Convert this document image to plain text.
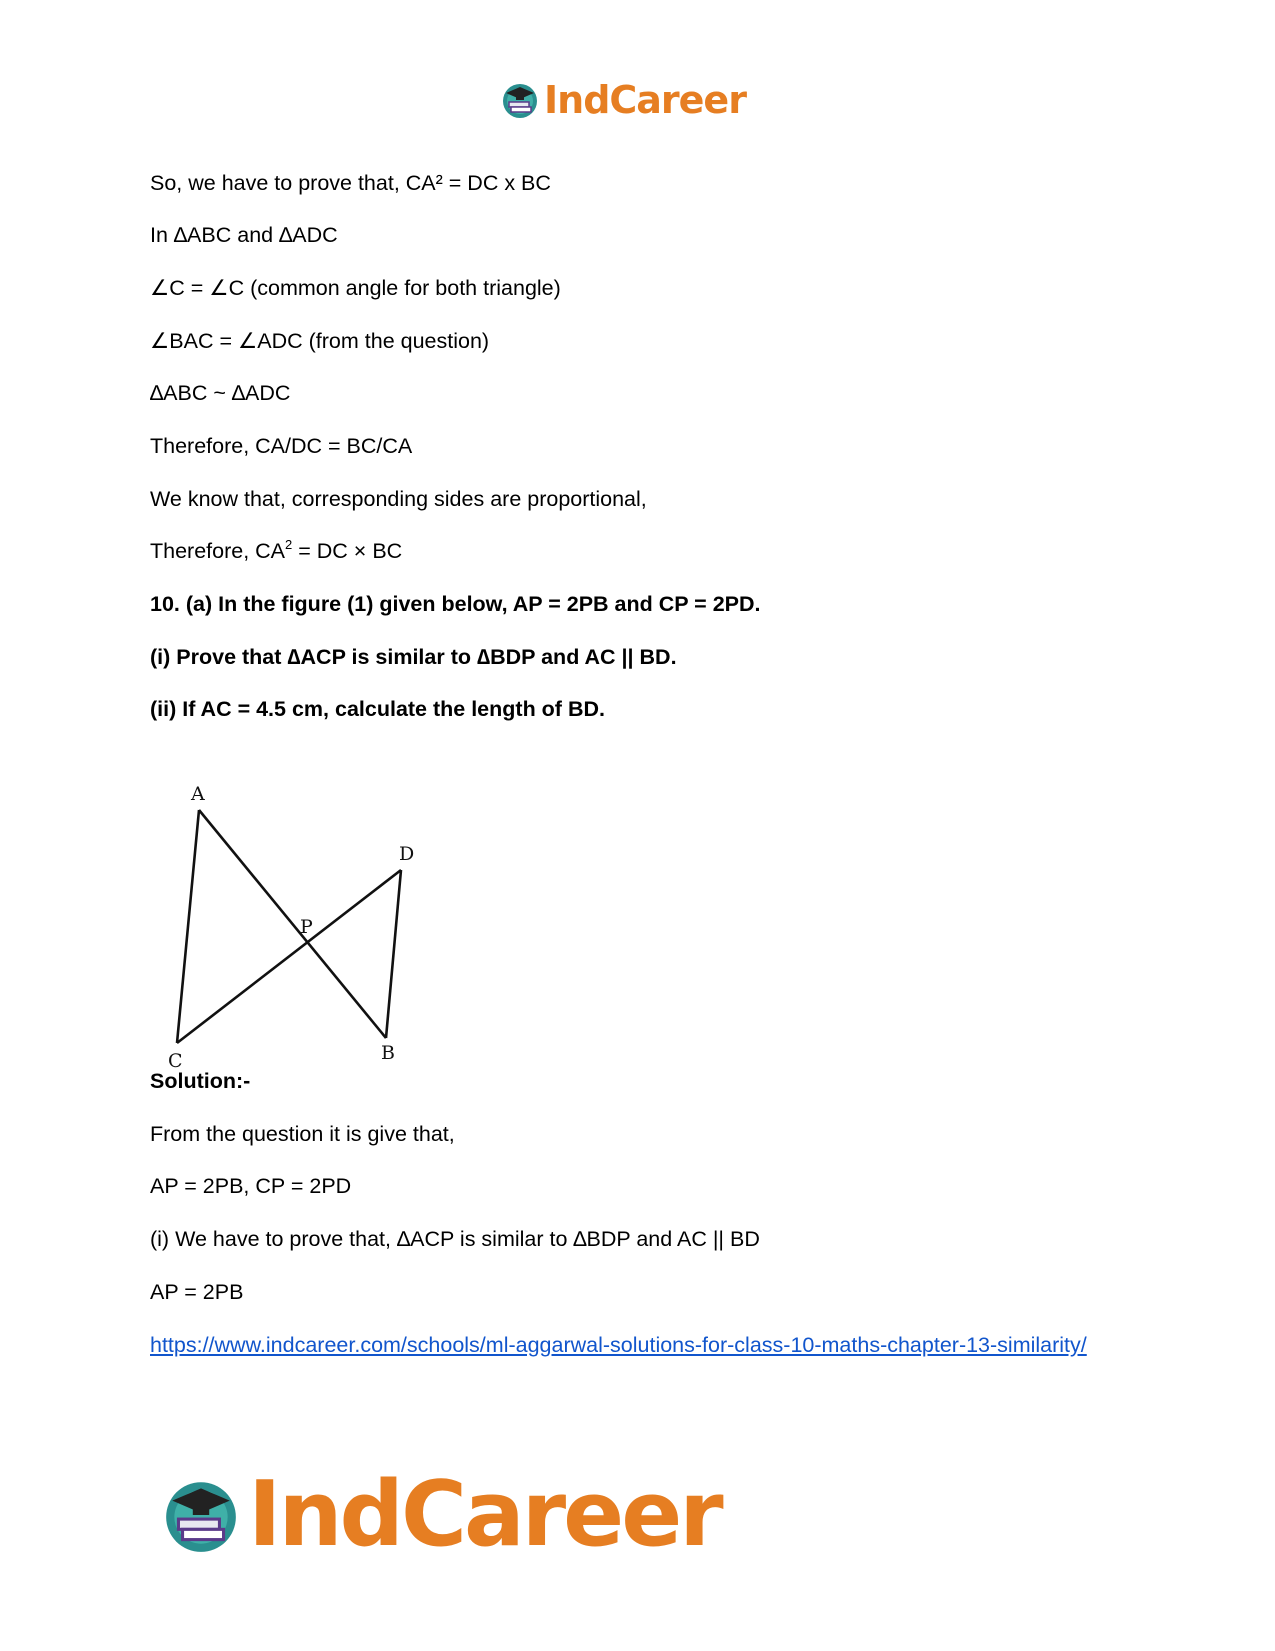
IndCareer
So, we have to prove that, CA² = DC x BC
In ∆ABC and ∆ADC
∠C = ∠C (common angle for both triangle)
∠BAC = ∠ADC (from the question)
∆ABC ~ ∆ADC
Therefore, CA/DC = BC/CA
We know that, corresponding sides are proportional,
Therefore, $CA^2$ = DC × BC
10. (a) In the figure (1) given below, AP = 2PB and CP = 2PD.
(i) Prove that ∆ACP is similar to ∆BDP and AC || BD.
(ii) If AC = 4.5 cm, calculate the length of BD.
A
D
P
C	B
Solution:-
From the question it is give that,
AP = 2PB, CP = 2PD
(i) We have to prove that, ∆ACP is similar to ∆BDP and AC || BD
AP = 2PB
https://www.indcareer.com/schools/ml-aggarwal-solutions-for-class-10-maths-chapter-13-similarity/
IndCareer
